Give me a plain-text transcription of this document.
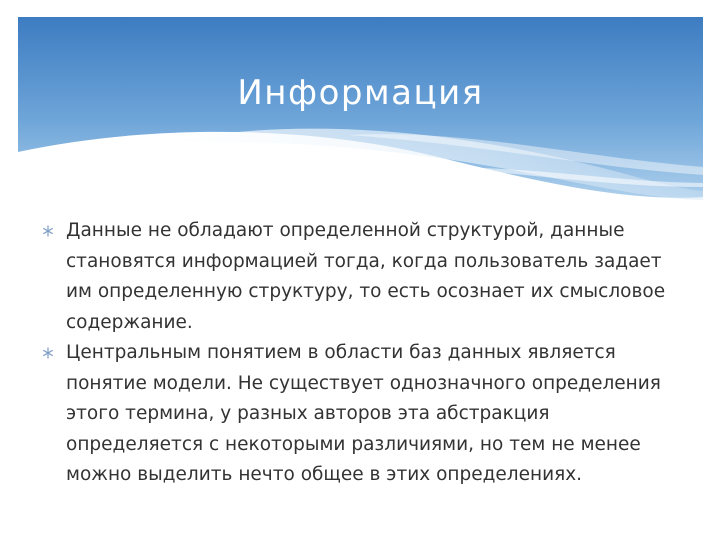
Информация
Данные не обладают определенной структурой, данные становятся информацией тогда, когда пользователь задает им определенную структуру, то есть осознает их смысловое содержание.
Центральным понятием в области баз данных является понятие модели. Не существует однозначного определения этого термина, у разных авторов эта абстракция определяется с некоторыми различиями, но тем не менее можно выделить нечто общее в этих определениях.
